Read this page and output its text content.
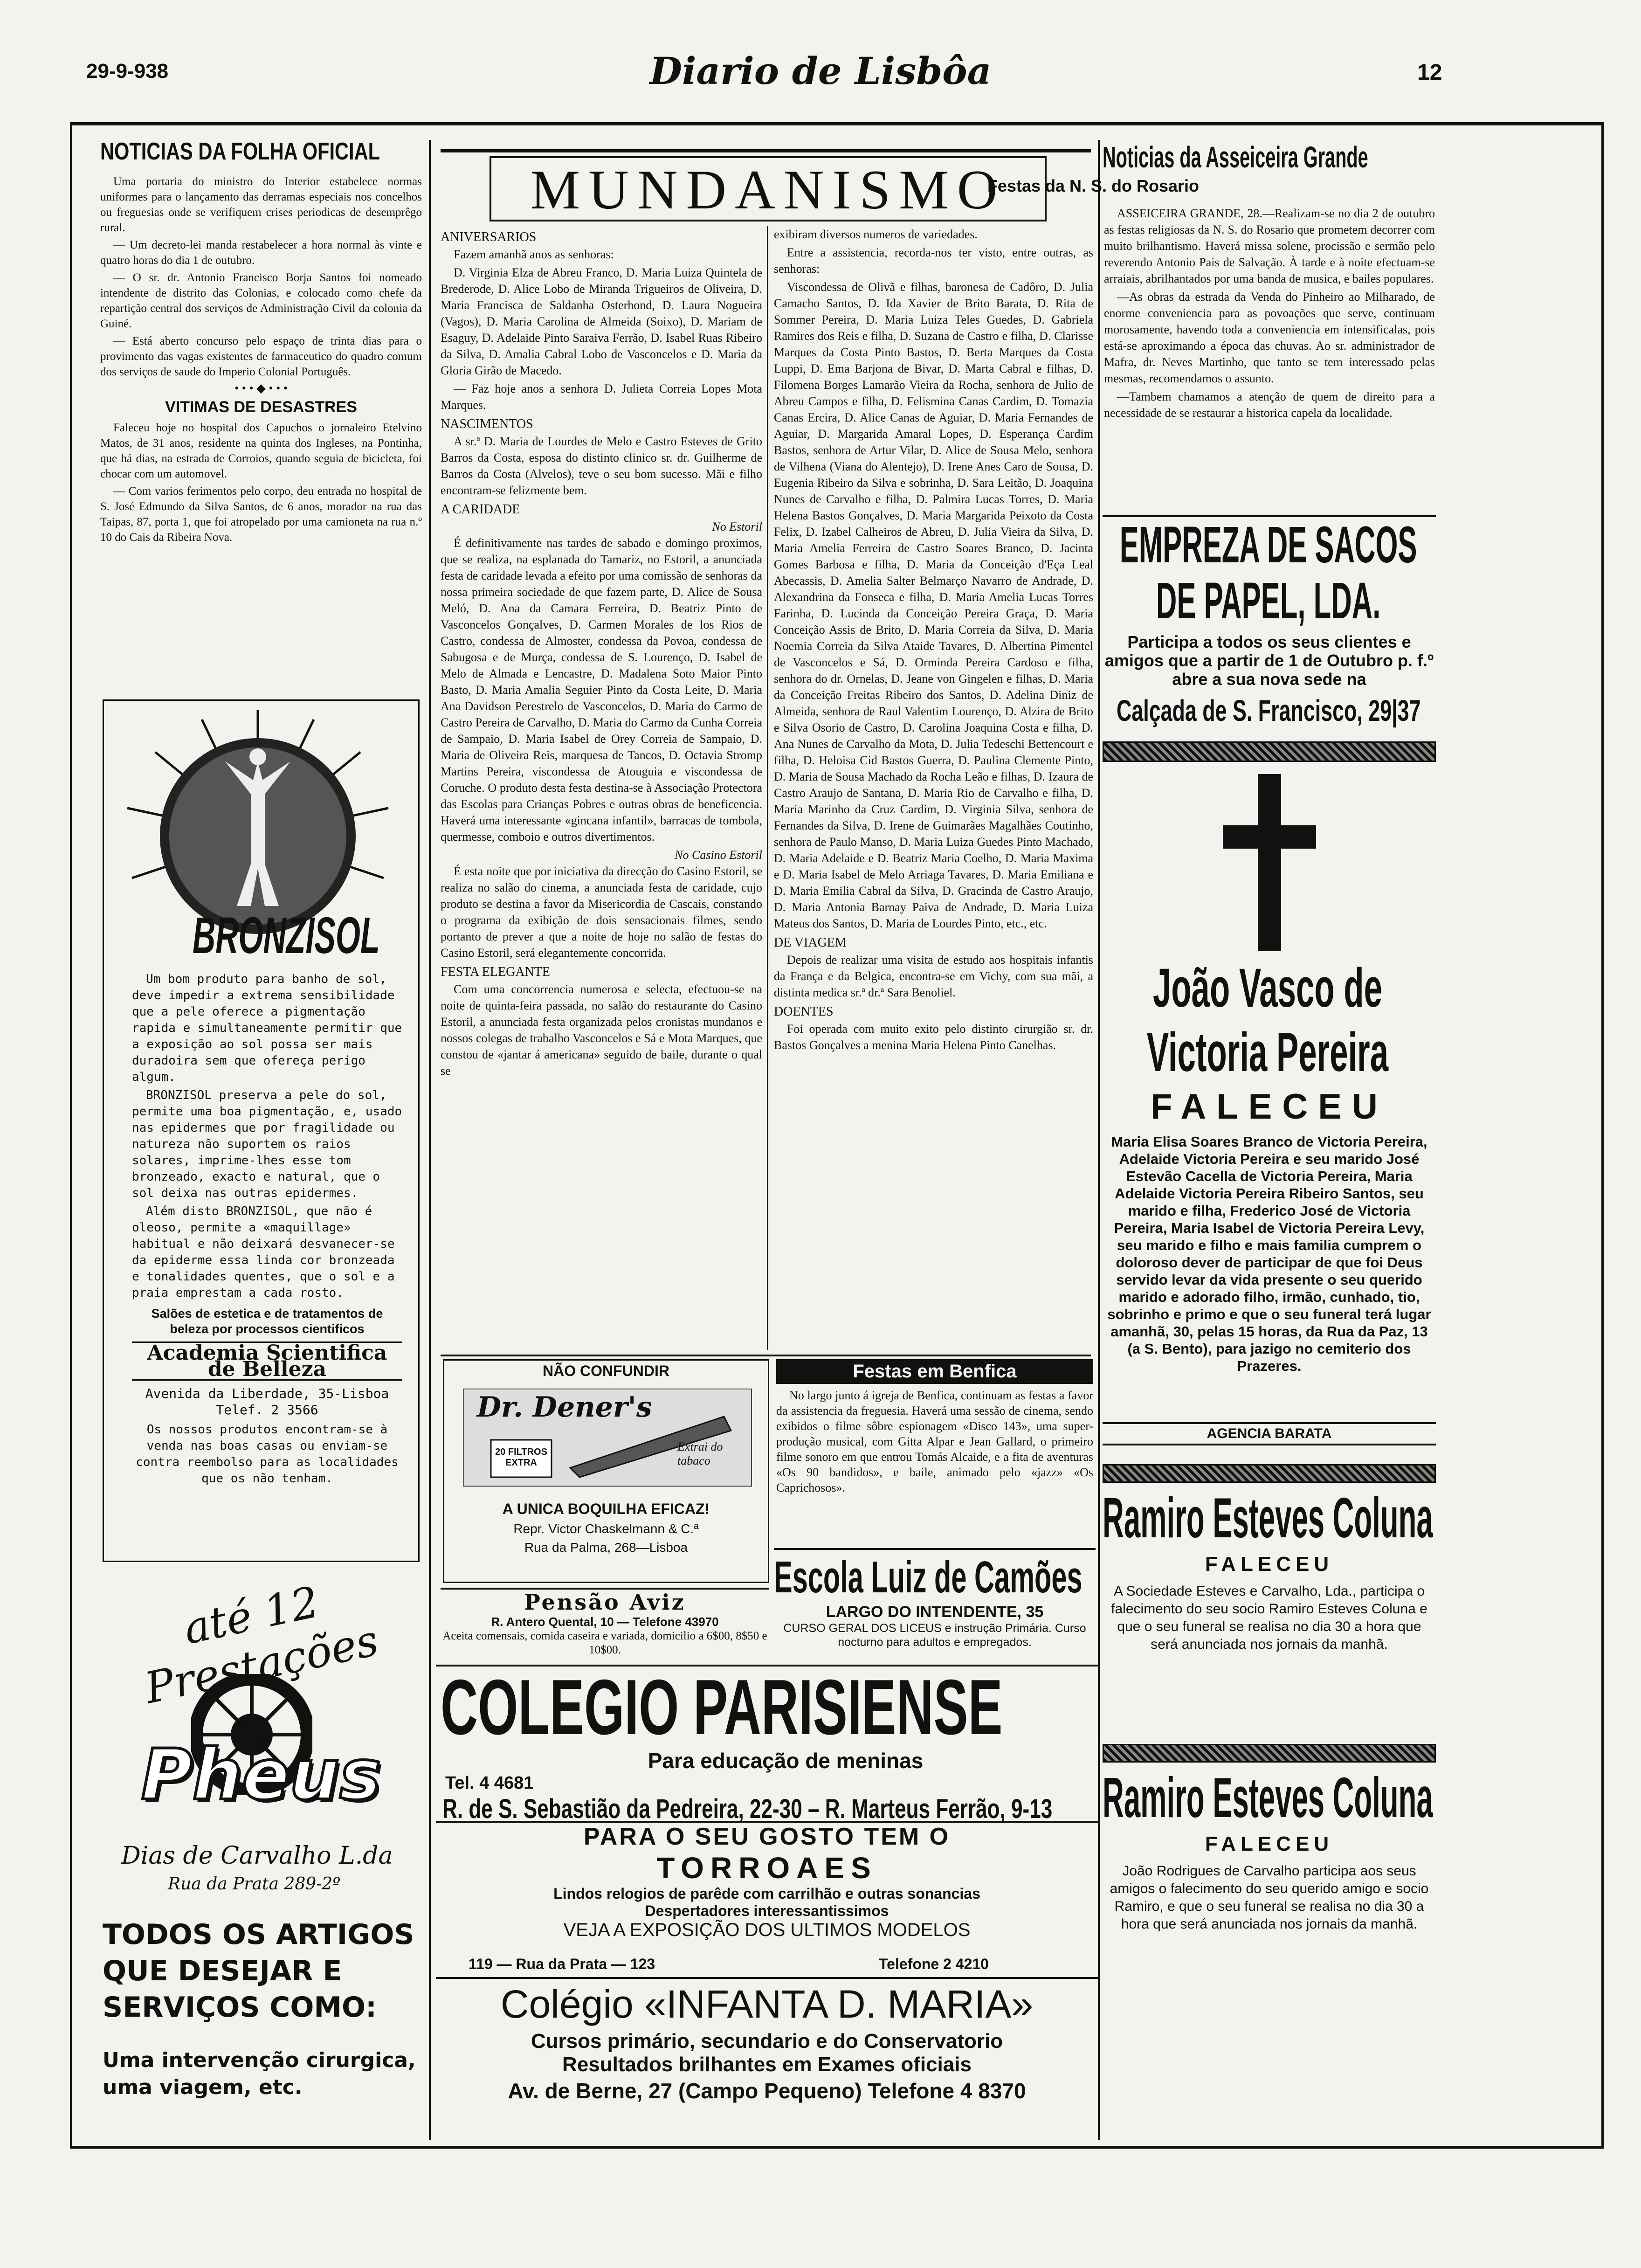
29-9-938	Diario de Lisbôa	12
NOTICIAS DA FOLHA OFICIAL

Uma portaria do ministro do Interior estabelece normas uniformes para o lançamento das derramas especiais nos concelhos ou freguesias onde se verifiquem crises periodicas de desemprêgo rural.

— Um decreto-lei manda restabelecer a hora normal às vinte e quatro horas do dia 1 de outubro.

— O sr. dr. Antonio Francisco Borja Santos foi nomeado intendente de distrito das Colonias, e colocado como chefe da repartição central dos serviços de Administração Civil da colonia da Guiné.

— Está aberto concurso pelo espaço de trinta dias para o provimento das vagas existentes de farmaceutico do quadro comum dos serviços de saude do Imperio Colonial Português.

• • • ◆ • • •
VITIMAS DE DESASTRES

Faleceu hoje no hospital dos Capuchos o jornaleiro Etelvino Matos, de 31 anos, residente na quinta dos Ingleses, na Pontinha, que há dias, na estrada de Corroios, quando seguia de bicicleta, foi chocar com um automovel.

— Com varios ferimentos pelo corpo, deu entrada no hospital de S. José Edmundo da Silva Santos, de 6 anos, morador na rua das Taipas, 87, porta 1, que foi atropelado por uma camioneta na rua n.º 10 do Cais da Ribeira Nova.

BRONZISOL

Um bom produto para banho de sol, deve impedir a extrema sensibilidade que a pele oferece a pigmentação rapida e simultaneamente permitir que a exposição ao sol possa ser mais duradoira sem que ofereça perigo algum.

BRONZISOL preserva a pele do sol, permite uma boa pigmentação, e, usado nas epidermes que por fragilidade ou natureza não suportem os raios solares, imprime-lhes esse tom bronzeado, exacto e natural, que o sol deixa nas outras epidermes.

Além disto BRONZISOL, que não é oleoso, permite a «maquillage» habitual e não deixará desvanecer-se da epiderme essa linda cor bronzeada e tonalidades quentes, que o sol e a praia emprestam a cada rosto.

Salões de estetica e de tratamentos de beleza por processos cientificos
Academia Scientifica de Belleza
Avenida da Liberdade, 35-Lisboa
Telef. 2 3566
Os nossos produtos encontram-se à venda nas boas casas ou enviam-se contra reembolso para as localidades que os não tenham.
até 12 Prestações
Pheus
Dias de Carvalho L.da
Rua da Prata 289-2º
TODOS OS ARTIGOS QUE DESEJAR E SERVIÇOS COMO:
Uma intervenção cirurgica, uma viagem, etc.
MUNDANISMO
ANIVERSARIOS

Fazem amanhã anos as senhoras:

D. Virginia Elza de Abreu Franco, D. Maria Luiza Quintela de Brederode, D. Alice Lobo de Miranda Trigueiros de Oliveira, D. Maria Francisca de Saldanha Osterhond, D. Laura Nogueira (Vagos), D. Maria Carolina de Almeida (Soixo), D. Mariam de Esaguy, D. Adelaide Pinto Saraiva Ferrão, D. Isabel Ruas Ribeiro da Silva, D. Amalia Cabral Lobo de Vasconcelos e D. Maria da Gloria Girão de Macedo.

— Faz hoje anos a senhora D. Julieta Correia Lopes Mota Marques.

NASCIMENTOS

A sr.ª D. Maria de Lourdes de Melo e Castro Esteves de Grito Barros da Costa, esposa do distinto clinico sr. dr. Guilherme de Barros da Costa (Alvelos), teve o seu bom sucesso. Mãi e filho encontram-se felizmente bem.

A CARIDADE
No Estoril

É definitivamente nas tardes de sabado e domingo proximos, que se realiza, na esplanada do Tamariz, no Estoril, a anunciada festa de caridade levada a efeito por uma comissão de senhoras da nossa primeira sociedade de que fazem parte, D. Alice de Sousa Meló, D. Ana da Camara Ferreira, D. Beatriz Pinto de Vasconcelos Gonçalves, D. Carmen Morales de los Rios de Castro, condessa de Almoster, condessa da Povoa, condessa de Sabugosa e de Murça, condessa de S. Lourenço, D. Isabel de Melo de Almada e Lencastre, D. Madalena Soto Maior Pinto Basto, D. Maria Amalia Seguier Pinto da Costa Leite, D. Maria Ana Davidson Perestrelo de Vasconcelos, D. Maria do Carmo de Castro Pereira de Carvalho, D. Maria do Carmo da Cunha Correia de Sampaio, D. Maria Isabel de Orey Correia de Sampaio, D. Maria de Oliveira Reis, marquesa de Tancos, D. Octavia Stromp Martins Pereira, viscondessa de Atouguia e viscondessa de Coruche. O produto desta festa destina-se à Associação Protectora das Escolas para Crianças Pobres e outras obras de beneficencia. Haverá uma interessante «gincana infantil», barracas de tombola, quermesse, comboio e outros divertimentos.

No Casino Estoril

É esta noite que por iniciativa da direcção do Casino Estoril, se realiza no salão do cinema, a anunciada festa de caridade, cujo produto se destina a favor da Misericordia de Cascais, constando o programa da exibição de dois sensacionais filmes, sendo portanto de prever a que a noite de hoje no salão de festas do Casino Estoril, será elegantemente concorrida.

FESTA ELEGANTE

Com uma concorrencia numerosa e selecta, efectuou-se na noite de quinta-feira passada, no salão do restaurante do Casino Estoril, a anunciada festa organizada pelos cronistas mundanos e nossos colegas de trabalho Vasconcelos e Sá e Mota Marques, que constou de «jantar á americana» seguido de baile, durante o qual se

exibiram diversos numeros de variedades.

Entre a assistencia, recorda-nos ter visto, entre outras, as senhoras:

Viscondessa de Olivã e filhas, baronesa de Cadôro, D. Julia Camacho Santos, D. Ida Xavier de Brito Barata, D. Rita de Sommer Pereira, D. Maria Luiza Teles Guedes, D. Gabriela Ramires dos Reis e filha, D. Suzana de Castro e filha, D. Clarisse Marques da Costa Pinto Bastos, D. Berta Marques da Costa Luppi, D. Ema Barjona de Bivar, D. Marta Cabral e filhas, D. Filomena Borges Lamarão Vieira da Rocha, senhora de Julio de Abreu Campos e filha, D. Felismina Canas Cardim, D. Tomazia Canas Ercira, D. Alice Canas de Aguiar, D. Maria Fernandes de Aguiar, D. Margarida Amaral Lopes, D. Esperança Cardim Bastos, senhora de Artur Vilar, D. Alice de Sousa Melo, senhora de Vilhena (Viana do Alentejo), D. Irene Anes Caro de Sousa, D. Eugenia Ribeiro da Silva e sobrinha, D. Sara Leitão, D. Joaquina Nunes de Carvalho e filha, D. Palmira Lucas Torres, D. Maria Helena Bastos Gonçalves, D. Maria Margarida Peixoto da Costa Felix, D. Izabel Calheiros de Abreu, D. Julia Vieira da Silva, D. Maria Amelia Ferreira de Castro Soares Branco, D. Jacinta Gomes Barbosa e filha, D. Maria da Conceição d'Eça Leal Abecassis, D. Amelia Salter Belmarço Navarro de Andrade, D. Alexandrina da Fonseca e filha, D. Maria Amelia Lucas Torres Farinha, D. Lucinda da Conceição Pereira Graça, D. Maria Conceição Assis de Brito, D. Maria Correia da Silva, D. Maria Noemia Correia da Silva Ataide Tavares, D. Albertina Pimentel de Vasconcelos e Sá, D. Orminda Pereira Cardoso e filha, senhora do dr. Ornelas, D. Jeane von Gingelen e filhas, D. Maria da Conceição Freitas Ribeiro dos Santos, D. Adelina Diniz de Almeida, senhora de Raul Valentim Lourenço, D. Alzira de Brito e Silva Osorio de Castro, D. Carolina Joaquina Costa e filha, D. Ana Nunes de Carvalho da Mota, D. Julia Tedeschi Bettencourt e filha, D. Heloisa Cid Bastos Guerra, D. Paulina Clemente Pinto, D. Maria de Sousa Machado da Rocha Leão e filhas, D. Izaura de Castro Araujo de Santana, D. Maria Rio de Carvalho e filha, D. Maria Marinho da Cruz Cardim, D. Virginia Silva, senhora de Fernandes da Silva, D. Irene de Guimarães Magalhães Coutinho, senhora de Paulo Manso, D. Maria Luiza Guedes Pinto Machado, D. Maria Adelaide e D. Beatriz Maria Coelho, D. Maria Maxima e D. Maria Isabel de Melo Arriaga Tavares, D. Maria Emiliana e D. Maria Emilia Cabral da Silva, D. Gracinda de Castro Araujo, D. Maria Antonia Barnay Paiva de Andrade, D. Maria Luiza Mateus dos Santos, D. Maria de Lourdes Pinto, etc., etc.

DE VIAGEM

Depois de realizar uma visita de estudo aos hospitais infantis da França e da Belgica, encontra-se em Vichy, com sua mãi, a distinta medica sr.ª dr.ª Sara Benoliel.

DOENTES

Foi operada com muito exito pelo distinto cirurgião sr. dr. Bastos Gonçalves a menina Maria Helena Pinto Canelhas.

NÃO CONFUNDIR
Dr. Dener's
20 FILTROS EXTRA
Extrai do tabaco
A UNICA BOQUILHA EFICAZ!
Repr. Victor Chaskelmann & C.ª
Rua da Palma, 268—Lisboa
Festas em Benfica

No largo junto á igreja de Benfica, continuam as festas a favor da assistencia da freguesia. Haverá uma sessão de cinema, sendo exibidos o filme sôbre espionagem «Disco 143», uma super-produção musical, com Gitta Alpar e Jean Gallard, o primeiro filme sonoro em que entrou Tomás Alcaide, e a fita de aventuras «Os 90 bandidos», e baile, animado pelo «jazz» «Os Caprichosos».

Pensão Aviz
R. Antero Quental, 10 — Telefone 43970
Aceita comensais, comida caseira e variada, domicilio a 6$00, 8$50 e 10$00.
Escola Luiz de Camões
LARGO DO INTENDENTE, 35
CURSO GERAL DOS LICEUS e instrução Primária. Curso nocturno para adultos e empregados.
COLEGIO PARISIENSE
Para educação de meninas
Tel. 4 4681
R. de S. Sebastião da Pedreira, 22-30 – R. Marteus Ferrão, 9-13
PARA O SEU GOSTO TEM O
TORROAES
Lindos relogios de parêde com carrilhão e outras sonancias
Despertadores interessantissimos
VEJA A EXPOSIÇÃO DOS ULTIMOS MODELOS
119 — Rua da Prata — 123	Telefone 2 4210
Colégio «INFANTA D. MARIA»
Cursos primário, secundario e do Conservatorio
Resultados brilhantes em Exames oficiais
Av. de Berne, 27 (Campo Pequeno) Telefone 4 8370
Noticias da Asseiceira Grande
Festas da N. S. do Rosario

ASSEICEIRA GRANDE, 28.—Realizam-se no dia 2 de outubro as festas religiosas da N. S. do Rosario que prometem decorrer com muito brilhantismo. Haverá missa solene, procissão e sermão pelo reverendo Antonio Pais de Salvação. À tarde e à noite efectuam-se arraiais, abrilhantados por uma banda de musica, e bailes populares.

—As obras da estrada da Venda do Pinheiro ao Milharado, de enorme conveniencia para as povoações que serve, continuam morosamente, havendo toda a conveniencia em intensificalas, pois está-se aproximando a época das chuvas. Ao sr. administrador de Mafra, dr. Neves Martinho, que tanto se tem interessado pelas mesmas, recomendamos o assunto.

—Tambem chamamos a atenção de quem de direito para a necessidade de se restaurar a historica capela da localidade.

EMPREZA DE SACOS
DE PAPEL, LDA.
Participa a todos os seus clientes e amigos que a partir de 1 de Outubro p. f.º abre a sua nova sede na
Calçada de S. Francisco, 29|37
João Vasco de Victoria Pereira
FALECEU
Maria Elisa Soares Branco de Victoria Pereira, Adelaide Victoria Pereira e seu marido José Estevão Cacella de Victoria Pereira, Maria Adelaide Victoria Pereira Ribeiro Santos, seu marido e filha, Frederico José de Victoria Pereira, Maria Isabel de Victoria Pereira Levy, seu marido e filho e mais familia cumprem o doloroso dever de participar de que foi Deus servido levar da vida presente o seu querido marido e adorado filho, irmão, cunhado, tio, sobrinho e primo e que o seu funeral terá lugar amanhã, 30, pelas 15 horas, da Rua da Paz, 13 (a S. Bento), para jazigo no cemiterio dos Prazeres.
AGENCIA BARATA
Ramiro Esteves Coluna
FALECEU
A Sociedade Esteves e Carvalho, Lda., participa o falecimento do seu socio Ramiro Esteves Coluna e que o seu funeral se realisa no dia 30 a hora que será anunciada nos jornais da manhã.
Ramiro Esteves Coluna
FALECEU
João Rodrigues de Carvalho participa aos seus amigos o falecimento do seu querido amigo e socio Ramiro, e que o seu funeral se realisa no dia 30 a hora que será anunciada nos jornais da manhã.
